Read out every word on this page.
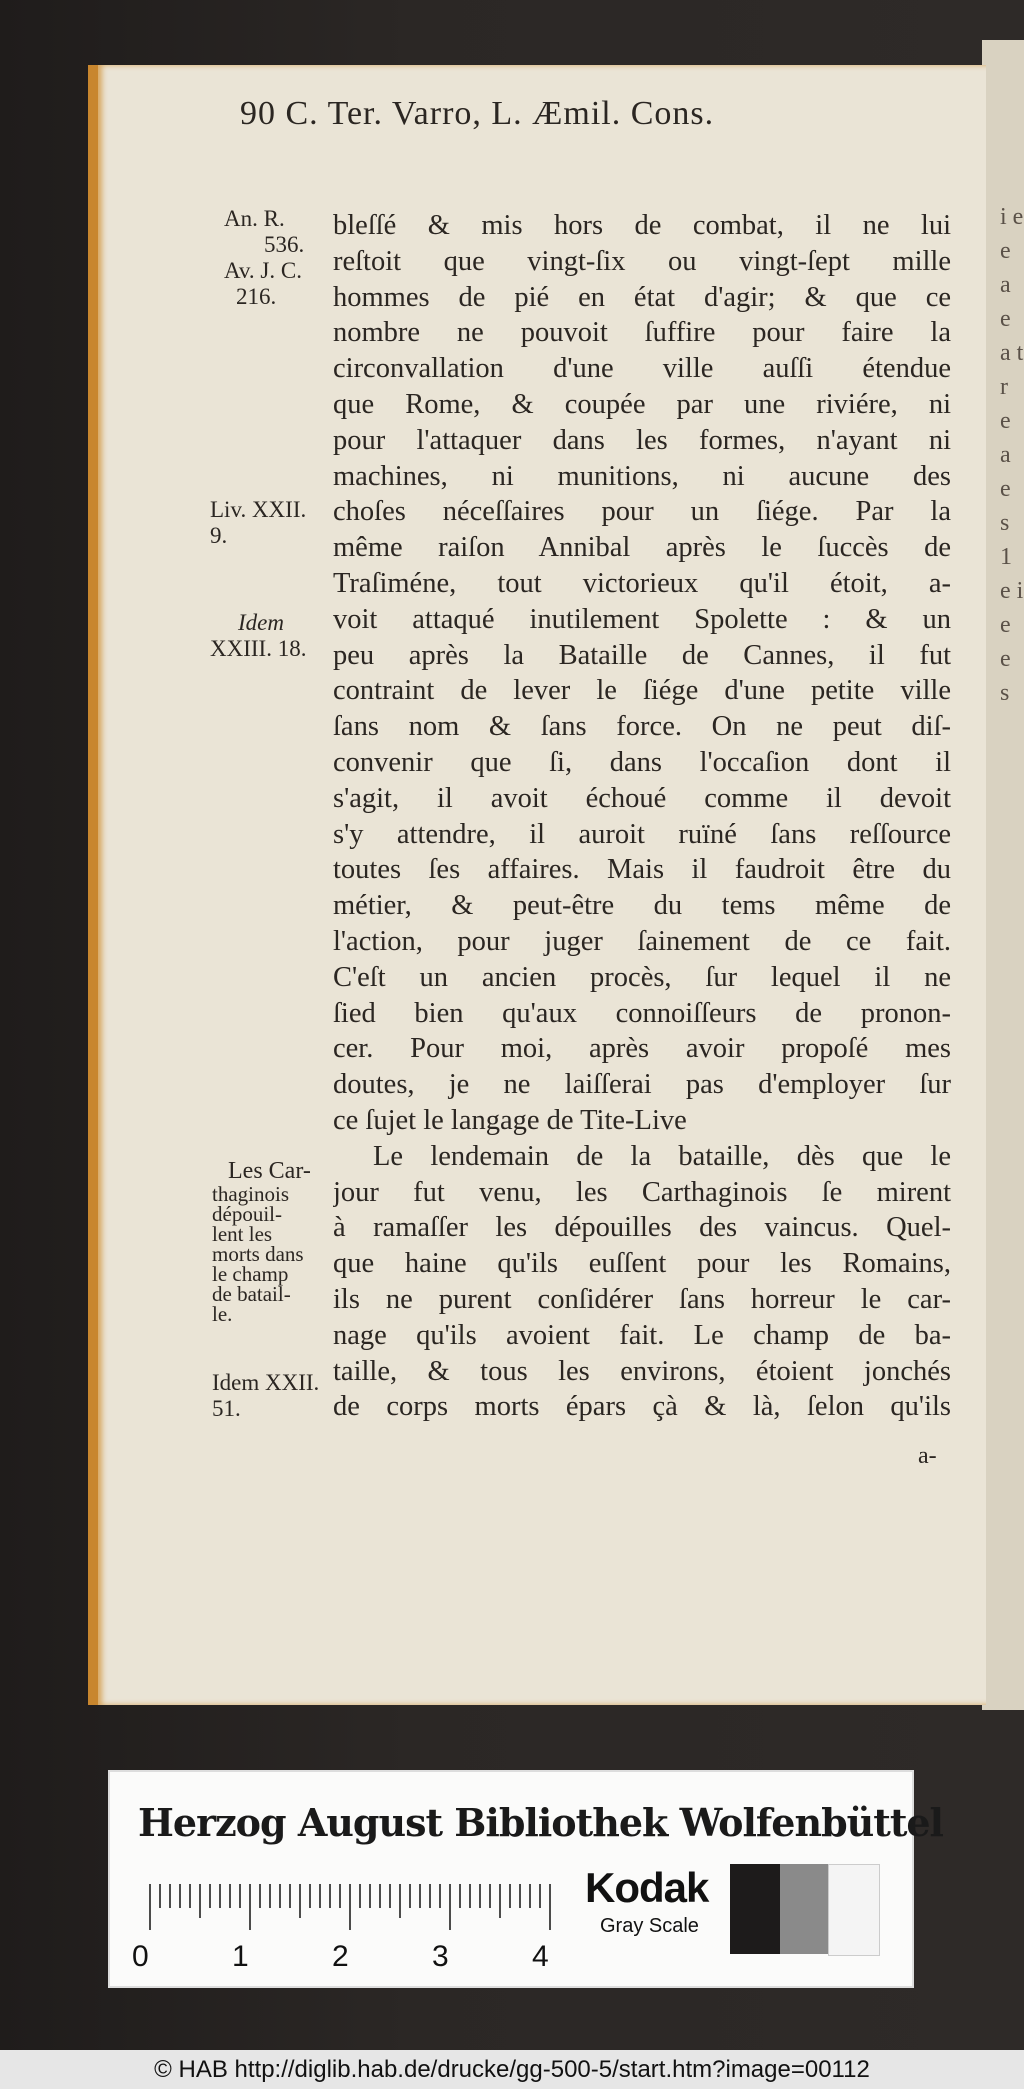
i e e a e a t r e a e s 1 e i e e s
90 C. Ter. Varro, L. Æmil. Cons.
An. R.
536.
Av. J. C.
216.
Liv. XXII.
9.
Idem
XXIII. 18.
Les Car-
thaginois
dépouil-
lent les
morts dans
le champ
de batail-
le.
Idem XXII.
51.
bleſſé & mis hors de combat, il ne lui
reſtoit que vingt-ſix ou vingt-ſept mille
hommes de pié en état d'agir; & que ce
nombre ne pouvoit ſuffire pour faire la
circonvallation d'une ville auſſi étendue
que Rome, & coupée par une riviére, ni
pour l'attaquer dans les formes, n'ayant ni
machines, ni munitions, ni aucune des
choſes néceſſaires pour un ſiége. Par la
même raiſon Annibal après le ſuccès de
Traſiméne, tout victorieux qu'il étoit, a-
voit attaqué inutilement Spolette : & un
peu après la Bataille de Cannes, il fut
contraint de lever le ſiége d'une petite ville
ſans nom & ſans force. On ne peut diſ-
convenir que ſi, dans l'occaſion dont il
s'agit, il avoit échoué comme il devoit
s'y attendre, il auroit ruïné ſans reſſource
toutes ſes affaires. Mais il faudroit être du
métier, & peut-être du tems même de
l'action, pour juger ſainement de ce fait.
C'eſt un ancien procès, ſur lequel il ne
ſied bien qu'aux connoiſſeurs de pronon-
cer. Pour moi, après avoir propoſé mes
doutes, je ne laiſſerai pas d'employer ſur
ce ſujet le langage de Tite-Live
Le lendemain de la bataille, dès que le
jour fut venu, les Carthaginois ſe mirent
à ramaſſer les dépouilles des vaincus. Quel-
que haine qu'ils euſſent pour les Romains,
ils ne purent conſidérer ſans horreur le car-
nage qu'ils avoient fait. Le champ de ba-
taille, & tous les environs, étoient jonchés
de corps morts épars çà & là, ſelon qu'ils
a-
Herzog August Bibliothek Wolfenbüttel
0	1	2	3	4
Kodak
Gray Scale
© HAB http://diglib.hab.de/drucke/gg-500-5/start.htm?image=00112
